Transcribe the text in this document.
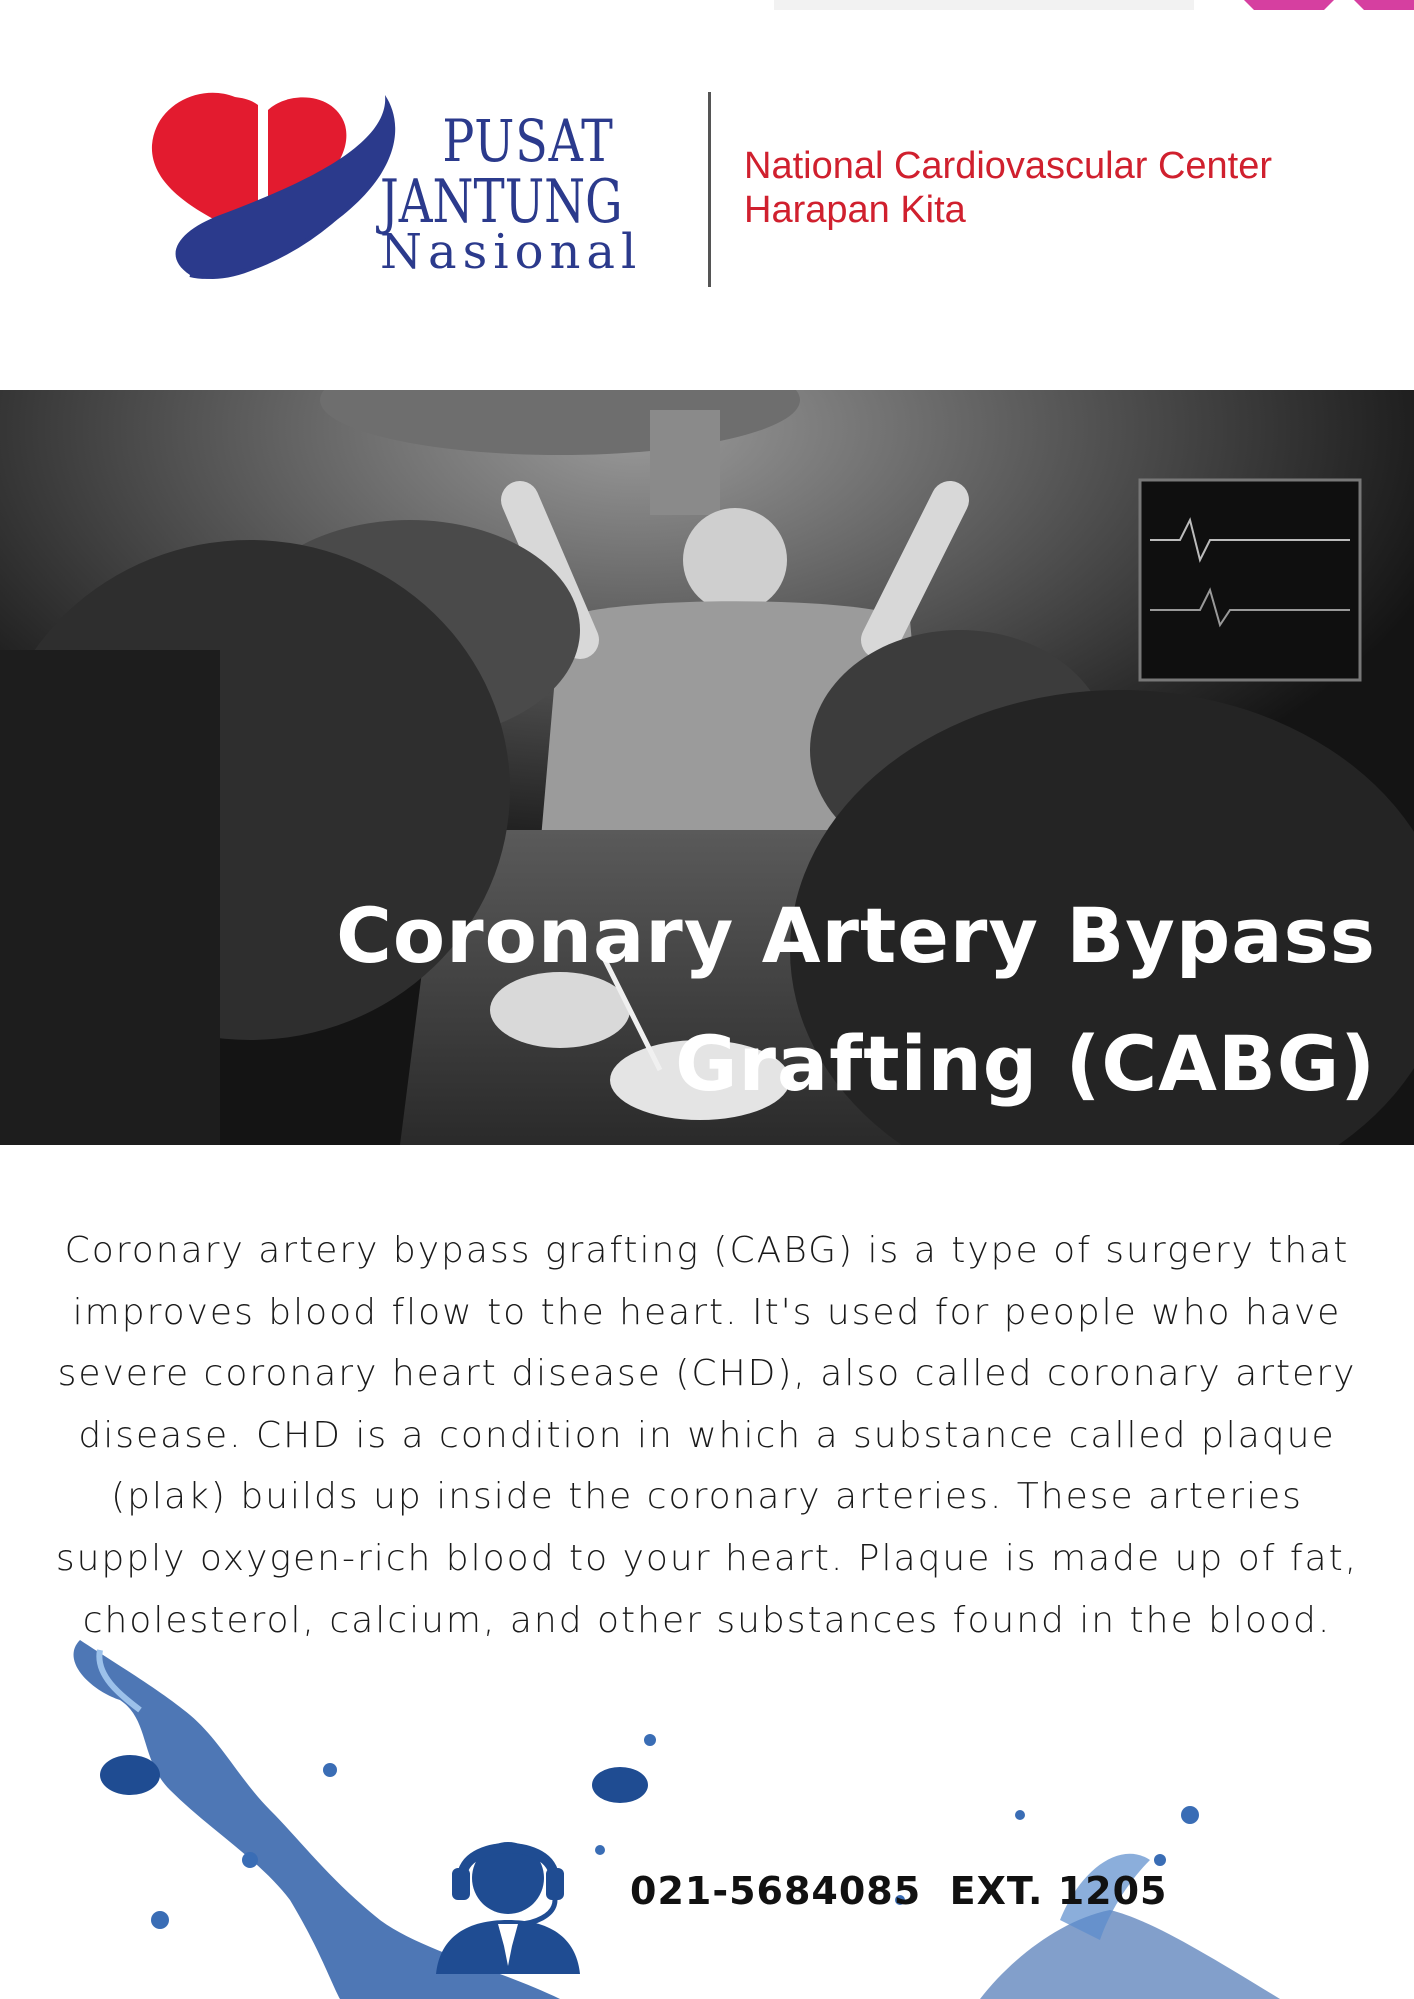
PUSAT
JANTUNG
Nasional
National Cardiovascular Center
Harapan Kita
Coronary Artery Bypass
Grafting (CABG)

Coronary artery bypass grafting (CABG) is a type of surgery that improves blood flow to the heart. It's used for people who have severe coronary heart disease (CHD), also called coronary artery disease. CHD is a condition in which a substance called plaque (plak) builds up inside the coronary arteries. These arteries supply oxygen-rich blood to your heart. Plaque is made up of fat, cholesterol, calcium, and other substances found in the blood.

021-5684085  EXT. 1205
